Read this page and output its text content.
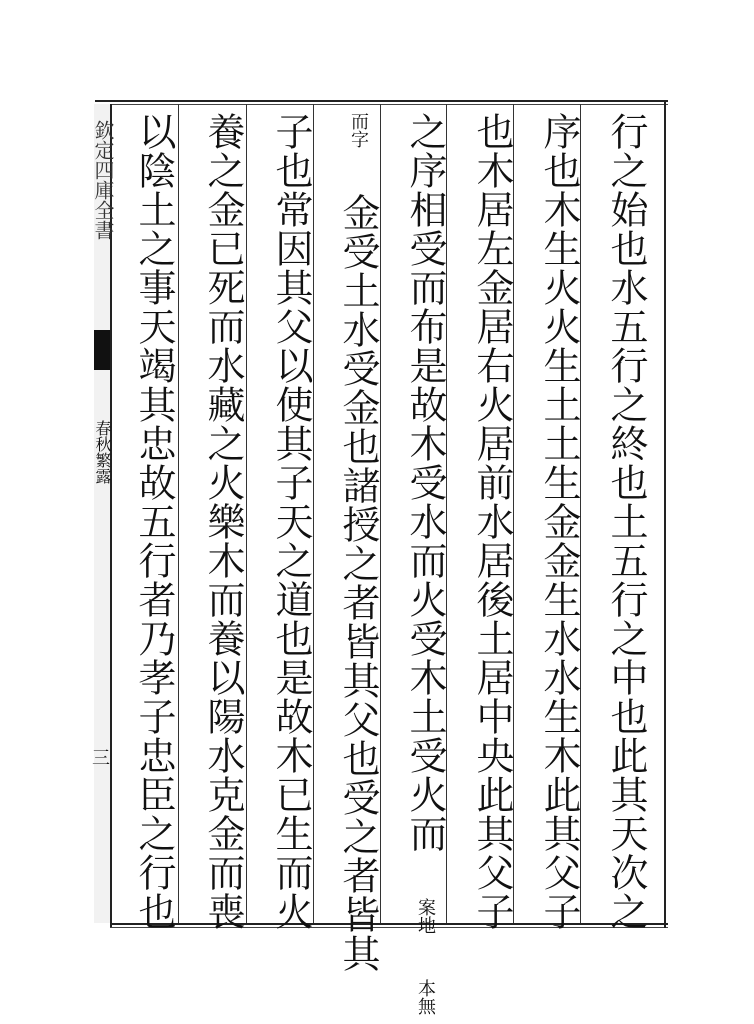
欽定四庫全書
春秋繁露
三	行之始也水五行之終也土五行之中也此其天次之
序也木生火火生土土生金金生水水生木此其父子
也木居左金居右火居前水居後土居中央此其父子
之序相受而布是故木受水而火受木土受火而 案地 本無
而字 金受土水受金也諸授之者皆其父也受之者皆其
子也常因其父以使其子天之道也是故木已生而火
養之金已死而水藏之火樂木而養以陽水克金而喪
以陰土之事天竭其忠故五行者乃孝子忠臣之行也
